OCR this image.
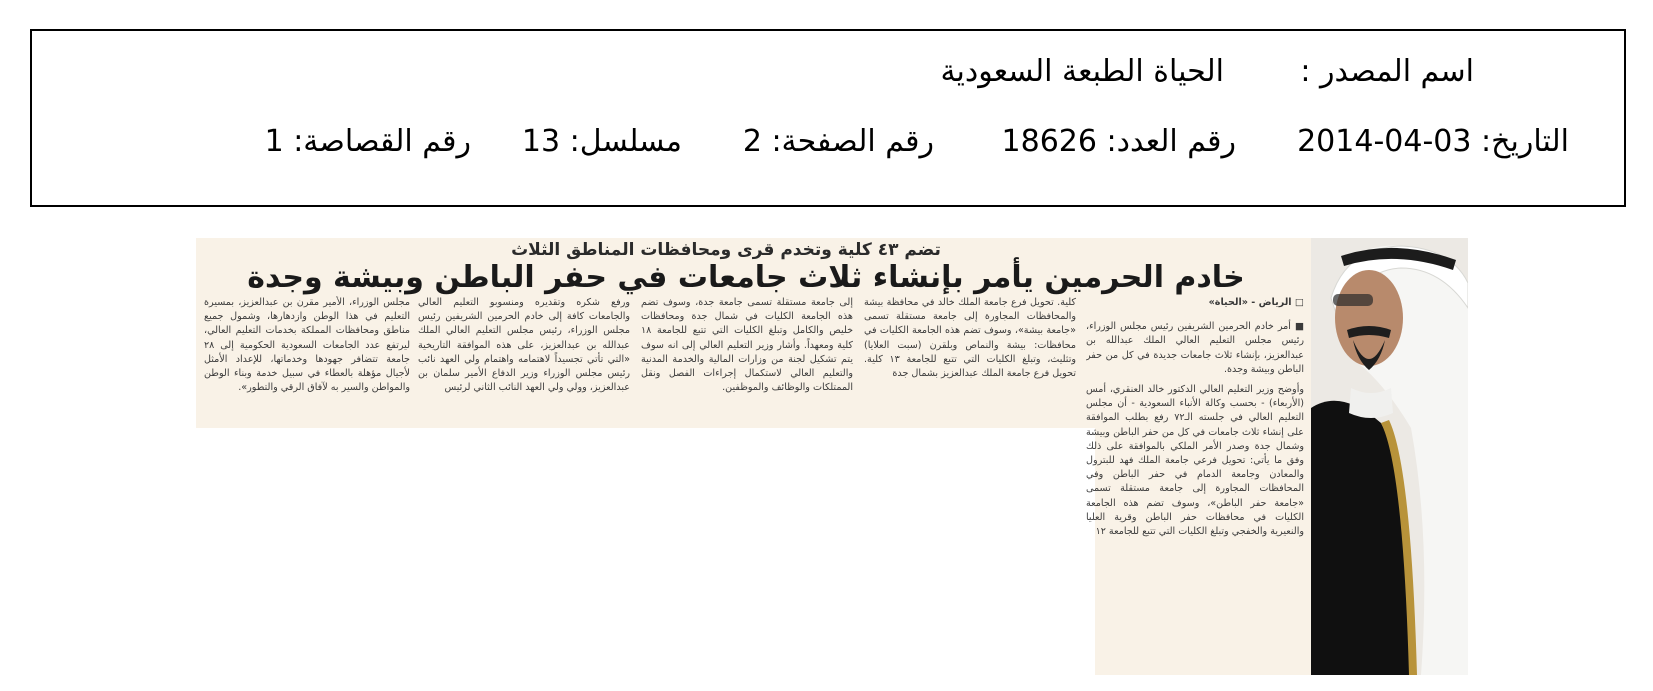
اسم المصدر :
الحياة الطبعة السعودية
التاريخ: 03-04-2014
رقم العدد: 18626
رقم الصفحة: 2
مسلسل: 13
رقم القصاصة: 1
تضم ٤٣ كلية وتخدم قرى ومحافظات المناطق الثلاث
خادم الحرمين يأمر بإنشاء ثلاث جامعات في حفر الباطن وبيشة وجدة
□ الرياض - «الحياة»
■ أمر خادم الحرمين الشريفين رئيس مجلس الوزراء، رئيس مجلس التعليم العالي الملك عبدالله بن عبدالعزيز، بإنشاء ثلاث جامعات جديدة في كل من حفر الباطن وبيشة وجدة.
وأوضح وزير التعليم العالي الدكتور خالد العنقري، أمس (الأربعاء) - بحسب وكالة الأنباء السعودية - أن مجلس التعليم العالي في جلسته الـ٧٢ رفع بطلب الموافقة على إنشاء ثلاث جامعات في كل من حفر الباطن وبيشة وشمال جدة وصدر الأمر الملكي بالموافقة على ذلك وفق ما يأتي: تحويل فرعي جامعة الملك فهد للبترول والمعادن وجامعة الدمام في حفر الباطن وفي المحافظات المجاورة إلى جامعة مستقلة تسمى «جامعة حفر الباطن»، وسوف تضم هذه الجامعة الكليات في محافظات حفر الباطن وقرية العليا والنعيرية والخفجي وتبلغ الكليات التي تتبع للجامعة ١٢
كلية. تحويل فرع جامعة الملك خالد في محافظة بيشة والمحافظات المجاورة إلى جامعة مستقلة تسمى «جامعة بيشة»، وسوف تضم هذه الجامعة الكليات في محافظات: بيشة والنماص وبلقرن (سبت العلايا) وتثليث، وتبلغ الكليات التي تتبع للجامعة ١٣ كلية. تحويل فرع جامعة الملك عبدالعزيز بشمال جدة
إلى جامعة مستقلة تسمى جامعة جدة، وسوف تضم هذه الجامعة الكليات في شمال جدة ومحافظات خليص والكامل وتبلغ الكليات التي تتبع للجامعة ١٨ كلية ومعهداً. وأشار وزير التعليم العالي إلى انه سوف يتم تشكيل لجنة من وزارات المالية والخدمة المدنية والتعليم العالي لاستكمال إجراءات الفصل ونقل الممتلكات والوظائف والموظفين.
ورفع شكره وتقديره ومنسوبو التعليم العالي والجامعات كافة إلى خادم الحرمين الشريفين رئيس مجلس الوزراء، رئيس مجلس التعليم العالي الملك عبدالله بن عبدالعزيز، على هذه الموافقة التاريخية «التي تأتي تجسيداً لاهتمامه واهتمام ولي العهد نائب رئيس مجلس الوزراء وزير الدفاع الأمير سلمان بن عبدالعزيز، وولي ولي العهد النائب الثاني لرئيس
مجلس الوزراء، الأمير مقرن بن عبدالعزيز، بمسيرة التعليم في هذا الوطن وازدهارها، وشمول جميع مناطق ومحافظات المملكة بخدمات التعليم العالي، ليرتفع عدد الجامعات السعودية الحكومية إلى ٢٨ جامعة تتضافر جهودها وخدماتها، للإعداد الأمثل لأجيال مؤهلة بالعطاء في سبيل خدمة وبناء الوطن والمواطن والسير به لآفاق الرقي والتطور».
